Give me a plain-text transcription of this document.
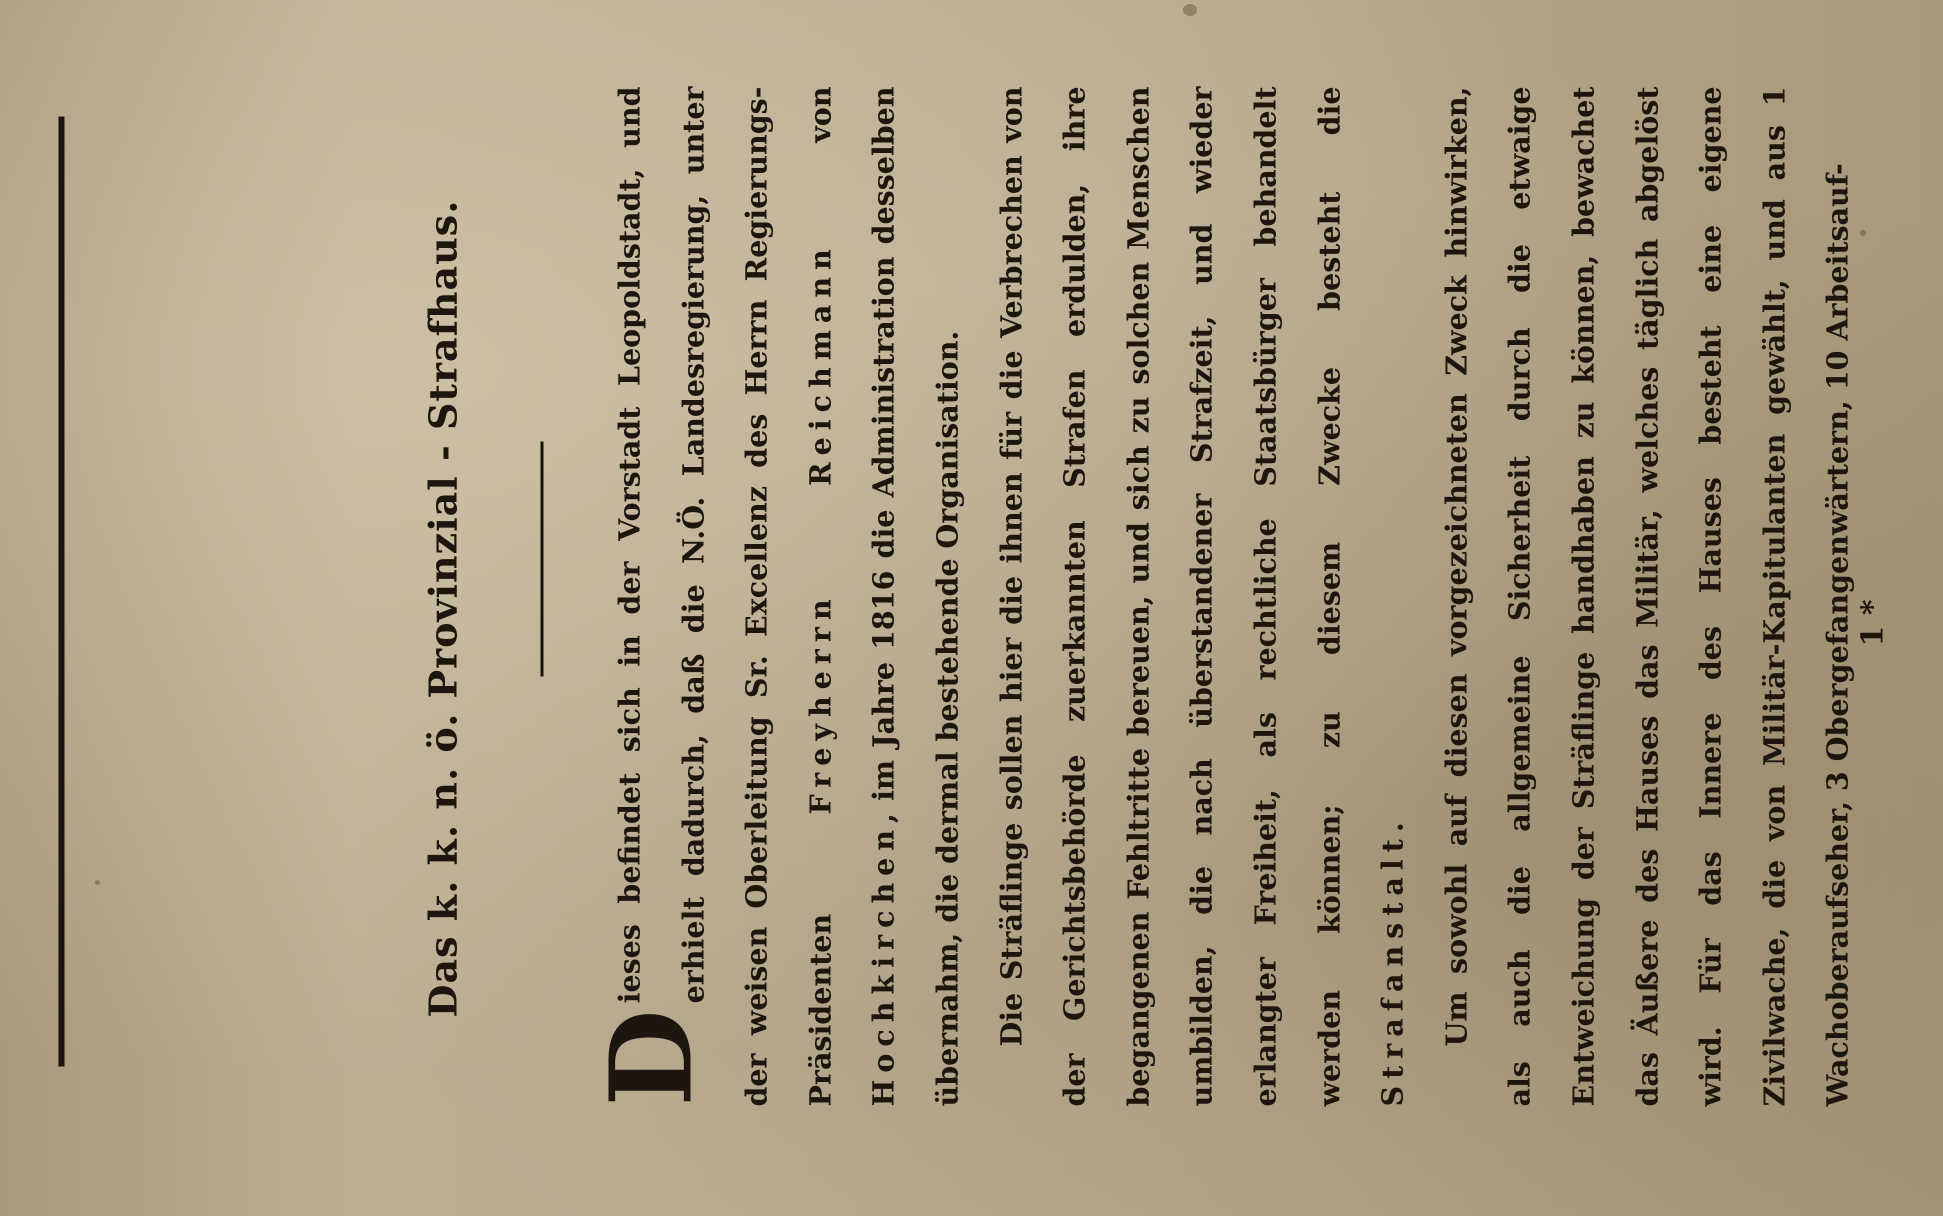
Das k. k. n. ö. Provinzial - Strafhaus.

D
ieses befindet sich in der Vorstadt Leopoldstadt, und erhielt dadurch, daß die N.Ö. Landesregierung, unter der weisen Oberleitung Sr. Excellenz des Herrn Regierungs-Präsidenten Freyherrn Reichmann von Hochkirchen, im Jahre 1816 die Administration desselben übernahm, die dermal bestehende Organisation.	Die Sträflinge sollen hier die ihnen für die Verbrechen von der Gerichtsbehörde zuerkannten Strafen erdulden, ihre begangenen Fehltritte bereuen, und sich zu solchen Menschen umbilden, die nach überstandener Strafzeit, und wieder erlangter Freiheit, als rechtliche Staatsbürger behandelt werden können; zu diesem Zwecke besteht die Strafanstalt.	Um sowohl auf diesen vorgezeichneten Zweck hinwirken, als auch die allgemeine Sicherheit durch die etwaige Entweichung der Sträflinge handhaben zu können, bewachet das Äußere des Hauses das Militär, welches täglich abgelöst wird. Für das Innere des Hauses besteht eine eigene Zivilwache, die von Militär-Kapitulanten gewählt, und aus 1 Wachoberaufseher, 3 Obergefangenwärtern, 10 Arbeitsauf- 1 *
